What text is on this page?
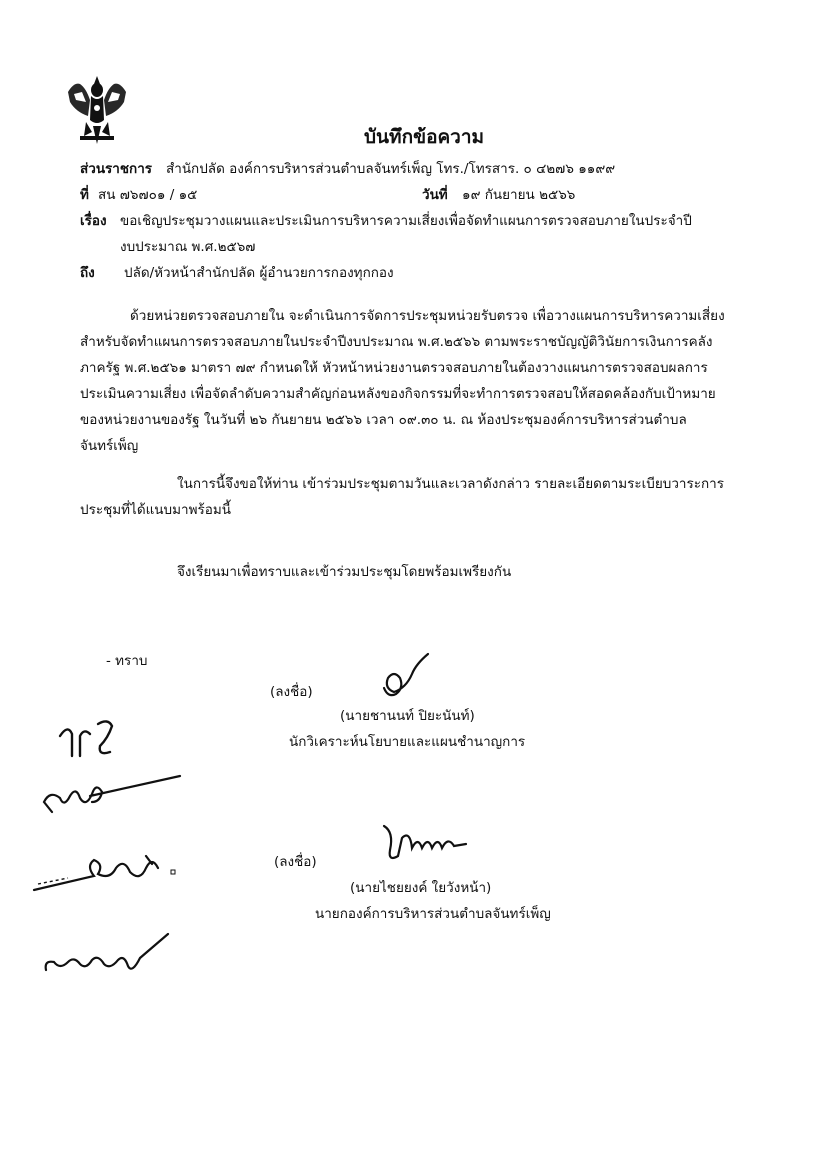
บันทึกข้อความ
ส่วนราชการ สำนักปลัด องค์การบริหารส่วนตำบลจันทร์เพ็ญ โทร./โทรสาร. ๐ ๔๒๗๖ ๑๑๙๙
ที่ สน ๗๖๗๐๑ / ๑๕	วันที่ ๑๙ กันยายน ๒๕๖๖
เรื่อง ขอเชิญประชุมวางแผนและประเมินการบริหารความเสี่ยงเพื่อจัดทำแผนการตรวจสอบภายในประจำปี
งบประมาณ พ.ศ.๒๕๖๗
ถึง ปลัด/หัวหน้าสำนักปลัด ผู้อำนวยการกองทุกกอง
ด้วยหน่วยตรวจสอบภายใน จะดำเนินการจัดการประชุมหน่วยรับตรวจ เพื่อวางแผนการบริหารความเสี่ยง
สำหรับจัดทำแผนการตรวจสอบภายในประจำปีงบประมาณ พ.ศ.๒๕๖๖ ตามพระราชบัญญัติวินัยการเงินการคลัง
ภาครัฐ พ.ศ.๒๕๖๑ มาตรา ๗๙ กำหนดให้ หัวหน้าหน่วยงานตรวจสอบภายในต้องวางแผนการตรวจสอบผลการ
ประเมินความเสี่ยง เพื่อจัดลำดับความสำคัญก่อนหลังของกิจกรรมที่จะทำการตรวจสอบให้สอดคล้องกับเป้าหมาย
ของหน่วยงานของรัฐ ในวันที่ ๒๖ กันยายน ๒๕๖๖ เวลา ๐๙.๓๐ น. ณ ห้องประชุมองค์การบริหารส่วนตำบล
จันทร์เพ็ญ
ในการนี้จึงขอให้ท่าน เข้าร่วมประชุมตามวันและเวลาดังกล่าว รายละเอียดตามระเบียบวาระการ
ประชุมที่ได้แนบมาพร้อมนี้
จึงเรียนมาเพื่อทราบและเข้าร่วมประชุมโดยพร้อมเพรียงกัน
- ทราบ
(ลงชื่อ)
(นายชานนท์ ปิยะนันท์)
นักวิเคราะห์นโยบายและแผนชำนาญการ
(ลงชื่อ)
(นายไชยยงค์ ใยวังหน้า)
นายกองค์การบริหารส่วนตำบลจันทร์เพ็ญ
